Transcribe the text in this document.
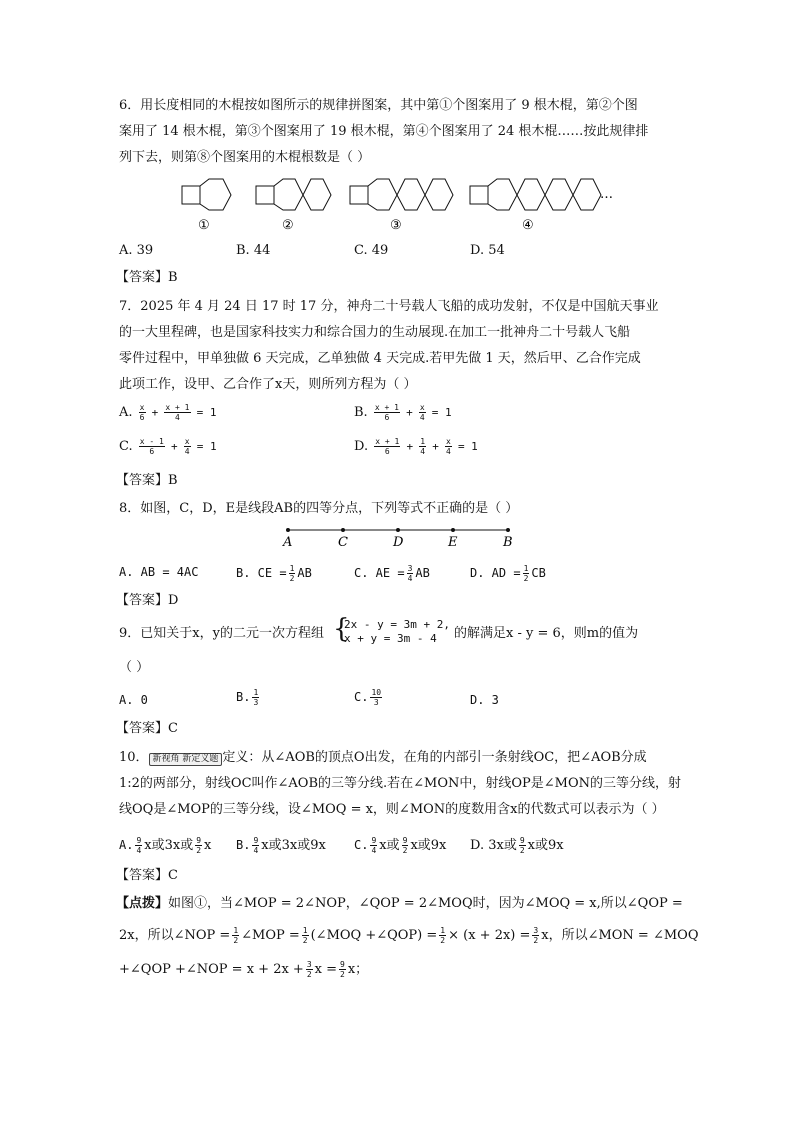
6．用长度相同的木棍按如图所示的规律拼图案，其中第①个图案用了 9 根木棍，第②个图
案用了 14 根木棍，第③个图案用了 19 根木棍，第④个图案用了 24 根木棍……按此规律排
列下去，则第⑧个图案用的木棍根数是（ ）
…
①	②	③	④
A. 39	B. 44	C. 49	D. 54
【答案】B
7．2025 年 4 月 24 日 17 时 17 分，神舟二十号载人飞船的成功发射，不仅是中国航天事业
的一大里程碑，也是国家科技实力和综合国力的生动展现.在加工一批神舟二十号载人飞船
零件过程中，甲单独做 6 天完成，乙单独做 4 天完成.若甲先做 1 天，然后甲、乙合作完成
此项工作，设甲、乙合作了x天，则所列方程为（ ）
A. $\frac{x}{6} + \frac{x + 1}{4} = 1$	B. $\frac{x + 1}{6} + \frac{x}{4} = 1$
C. $\frac{x - 1}{6} + \frac{x}{4} = 1$	D. $\frac{x + 1}{6} + \frac{1}{4} + \frac{x}{4} = 1$
【答案】B
8．如图，C，D，E是线段AB的四等分点，下列等式不正确的是（ ）
A	C	D	E	B
A. AB = 4AC	B. CE = $\frac{1}{2}$ AB	C. AE = $\frac{3}{4}$ AB	D. AD = $\frac{1}{2}$ CB
【答案】D
9．已知关于x，y的二元一次方程组 {
2x - y = 3m + 2,
x + y = 3m - 4 的解满足x - y = 6，则m的值为
（ ）
A. 0	B. $\frac{1}{3}$	C. $\frac{10}{3}$	D. 3
【答案】C
10． 新视角 新定义题 定义：从∠AOB的顶点O出发，在角的内部引一条射线OC，把∠AOB分成
1:2的两部分，射线OC叫作∠AOB的三等分线.若在∠MON中，射线OP是∠MON的三等分线，射
线OQ是∠MOP的三等分线，设∠MOQ = x，则∠MON的度数用含x的代数式可以表示为（ ）
A. $\frac{9}{4}$ x或3x或 $\frac{9}{2}$ x B. $\frac{9}{4}$ x或3x或9x C. $\frac{9}{4}$ x或 $\frac{9}{2}$ x或9x D. 3x或 $\frac{9}{2}$ x或9x
【答案】C
【点拨】如图①，当∠MOP = 2∠NOP，∠QOP = 2∠MOQ时，因为∠MOQ = x,所以∠QOP =
2x，所以∠NOP = $\frac{1}{2}$ ∠MOP = $\frac{1}{2}$ (∠MOQ +∠QOP) = $\frac{1}{2} \times (x + 2x) = \frac{3}{2}$ x，所以∠MON = ∠MOQ
+∠QOP +∠NOP = $x + 2x + \frac{3}{2}$ $x = \frac{9}{2}$ x；
